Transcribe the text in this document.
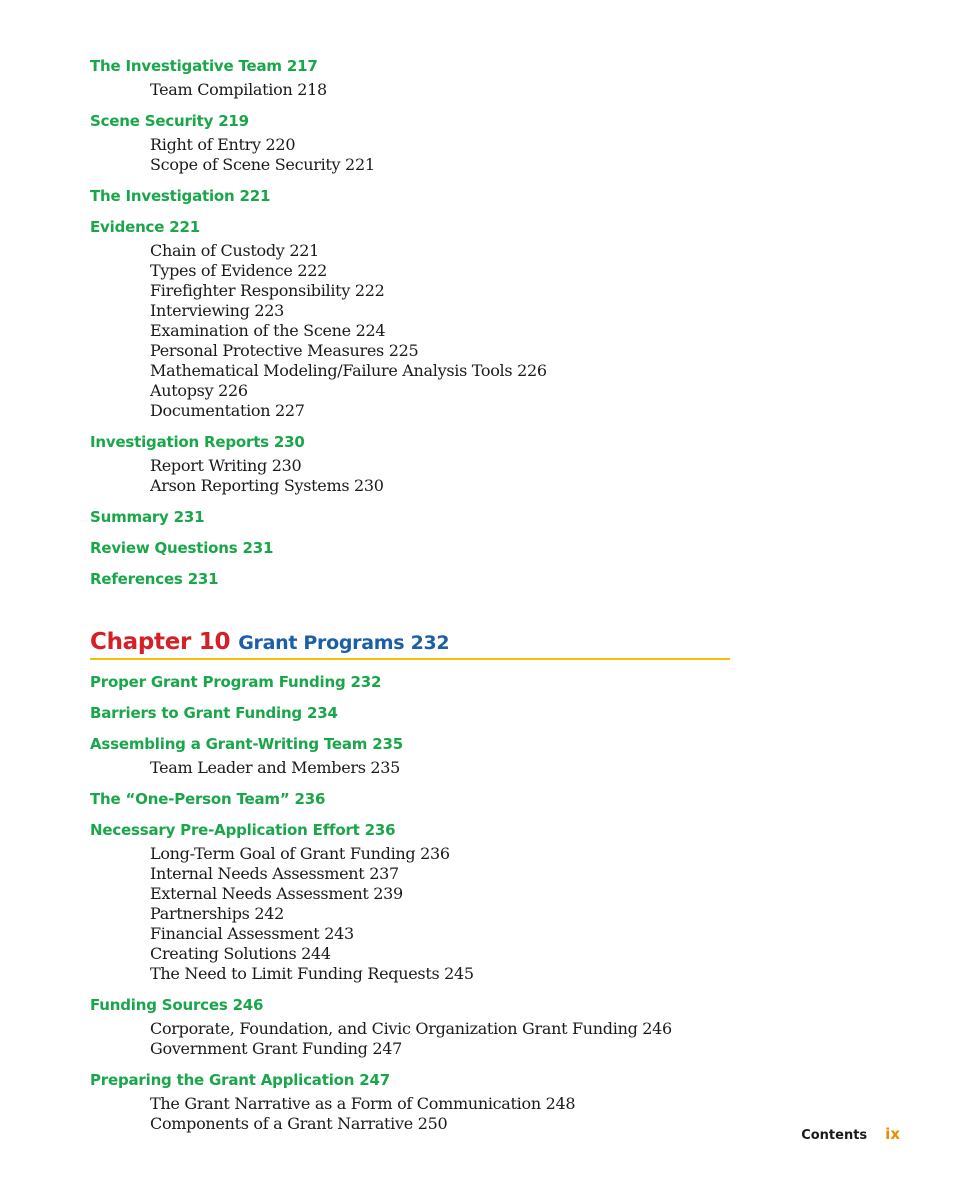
The Investigative Team 217
Team Compilation 218
Scene Security 219
Right of Entry 220
Scope of Scene Security 221
The Investigation 221
Evidence 221
Chain of Custody 221
Types of Evidence 222
Firefighter Responsibility 222
Interviewing 223
Examination of the Scene 224
Personal Protective Measures 225
Mathematical Modeling/Failure Analysis Tools 226
Autopsy 226
Documentation 227
Investigation Reports 230
Report Writing 230
Arson Reporting Systems 230
Summary 231
Review Questions 231
References 231
Chapter 10 Grant Programs 232
Proper Grant Program Funding 232
Barriers to Grant Funding 234
Assembling a Grant-Writing Team 235
Team Leader and Members 235
The “One-Person Team” 236
Necessary Pre-Application Effort 236
Long-Term Goal of Grant Funding 236
Internal Needs Assessment 237
External Needs Assessment 239
Partnerships 242
Financial Assessment 243
Creating Solutions 244
The Need to Limit Funding Requests 245
Funding Sources 246
Corporate, Foundation, and Civic Organization Grant Funding 246
Government Grant Funding 247
Preparing the Grant Application 247
The Grant Narrative as a Form of Communication 248
Components of a Grant Narrative 250
Contents ix
